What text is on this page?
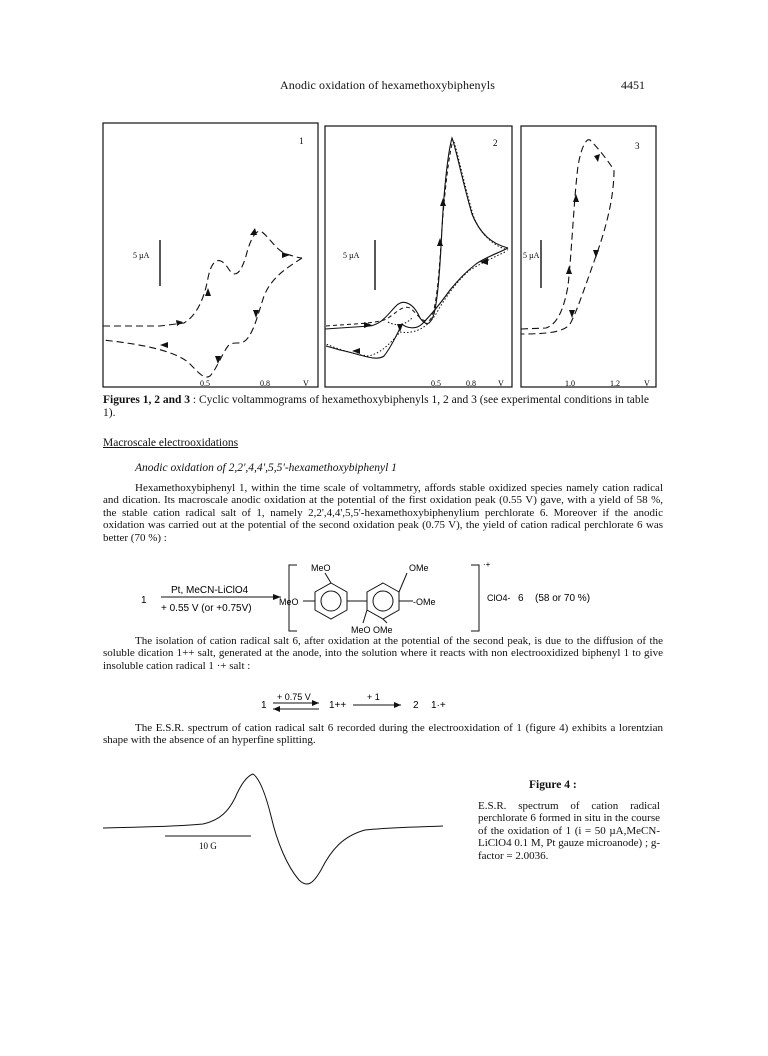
Anodic oxidation of hexamethoxybiphenyls	4451
1
5 µA
0.5	0.8	V
2
5 µA
0.5	0.8	V
3
5 µA
1.0	1.2	V
Figures 1, 2 and 3 : Cyclic voltammograms of hexamethoxybiphenyls 1, 2 and 3 (see experimental conditions in table 1).
Macroscale electrooxidations
Anodic oxidation of 2,2',4,4',5,5'-hexamethoxybiphenyl 1
Hexamethoxybiphenyl 1, within the time scale of voltammetry, affords stable oxidized species namely cation radical and dication. Its macroscale anodic oxidation at the potential of the first oxidation peak (0.55 V) gave, with a yield of 58 %, the stable cation radical salt of 1, namely 2,2',4,4',5,5'-hexamethoxybiphenylium perchlorate 6. Moreover if the anodic oxidation was carried out at the potential of the second oxidation peak (0.75 V), the yield of cation radical perchlorate 6 was better (70 %) :
1
Pt, MeCN-LiClO4
+ 0.55 V (or +0.75V)
·+
MeO	OMe
MeO	-OMe
MeO OMe
ClO4- 6 (58 or 70 %)
The isolation of cation radical salt 6, after oxidation at the potential of the second peak, is due to the diffusion of the soluble dication 1++ salt, generated at the anode, into the solution where it reacts with non electrooxidized biphenyl 1 to give insoluble cation radical 1 ·+ salt :
1
+ 0.75 V
1++
+ 1
2 1·+
The E.S.R. spectrum of cation radical salt 6 recorded during the electrooxidation of 1 (figure 4) exhibits a lorentzian shape with the absence of an hyperfine splitting.
10 G
Figure 4 :
E.S.R. spectrum of cation radical perchlorate 6 formed in situ in the course of the oxidation of 1 (i = 50 µA,MeCN-LiClO4 0.1 M, Pt gauze microanode) ; g-factor = 2.0036.
